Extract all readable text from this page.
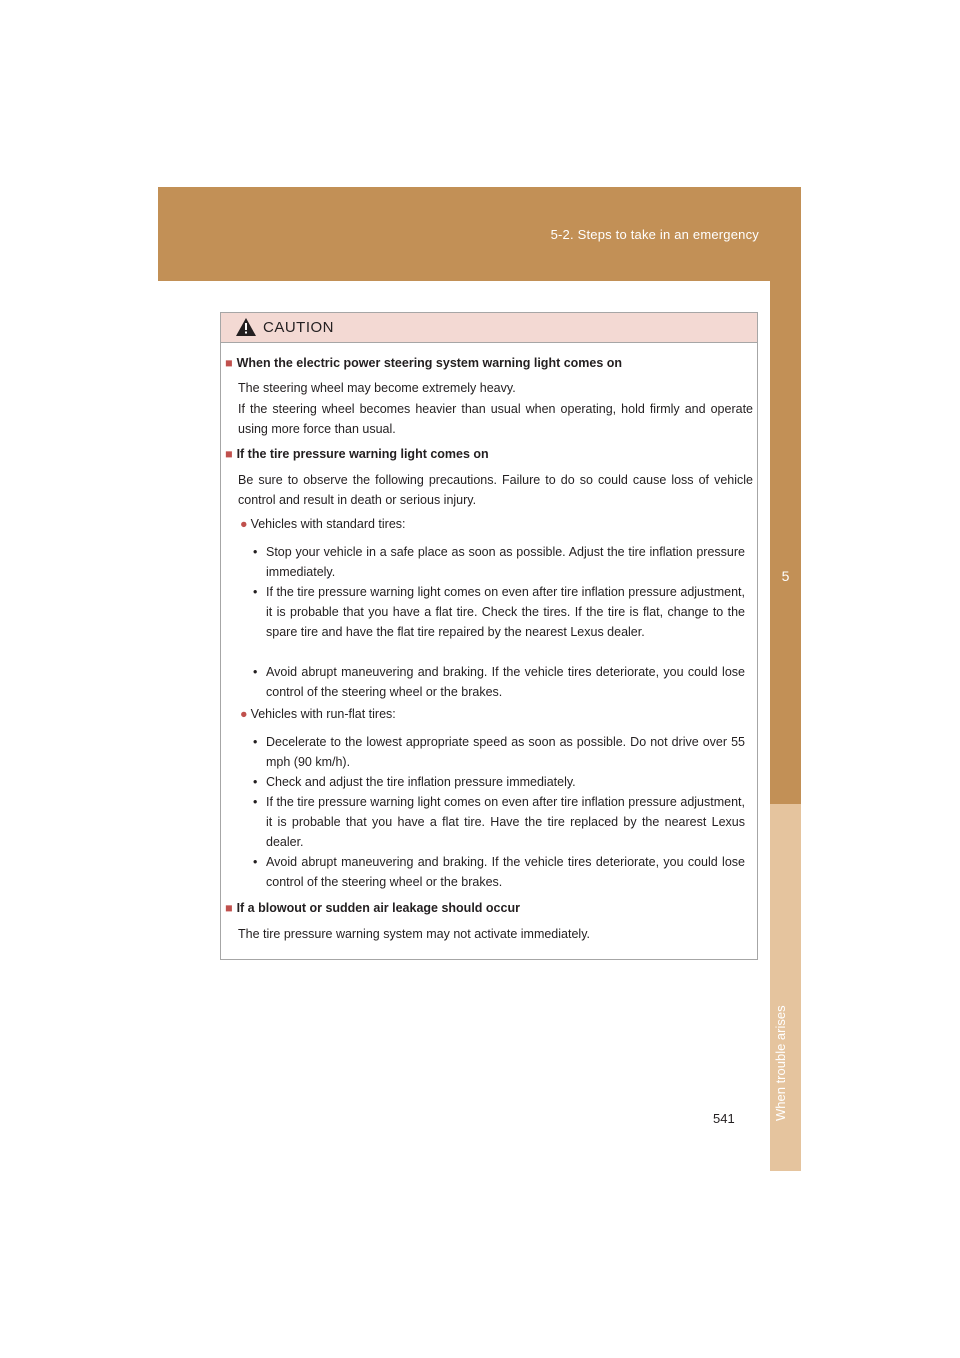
5-2. Steps to take in an emergency
5
When trouble arises
CAUTION
■ When the electric power steering system warning light comes on
The steering wheel may become extremely heavy.
If the steering wheel becomes heavier than usual when operating, hold firmly and operate using more force than usual.
■ If the tire pressure warning light comes on
Be sure to observe the following precautions. Failure to do so could cause loss of vehicle control and result in death or serious injury.
● Vehicles with standard tires:
• Stop your vehicle in a safe place as soon as possible. Adjust the tire inflation pressure immediately.
• If the tire pressure warning light comes on even after tire inflation pressure adjustment, it is probable that you have a flat tire. Check the tires. If the tire is flat, change to the spare tire and have the flat tire repaired by the nearest Lexus dealer.
• Avoid abrupt maneuvering and braking. If the vehicle tires deteriorate, you could lose control of the steering wheel or the brakes.
● Vehicles with run-flat tires:
• Decelerate to the lowest appropriate speed as soon as possible. Do not drive over 55 mph (90 km/h).
• Check and adjust the tire inflation pressure immediately.
• If the tire pressure warning light comes on even after tire inflation pressure adjustment, it is probable that you have a flat tire. Have the tire replaced by the nearest Lexus dealer.
• Avoid abrupt maneuvering and braking. If the vehicle tires deteriorate, you could lose control of the steering wheel or the brakes.
■ If a blowout or sudden air leakage should occur
The tire pressure warning system may not activate immediately.
541
